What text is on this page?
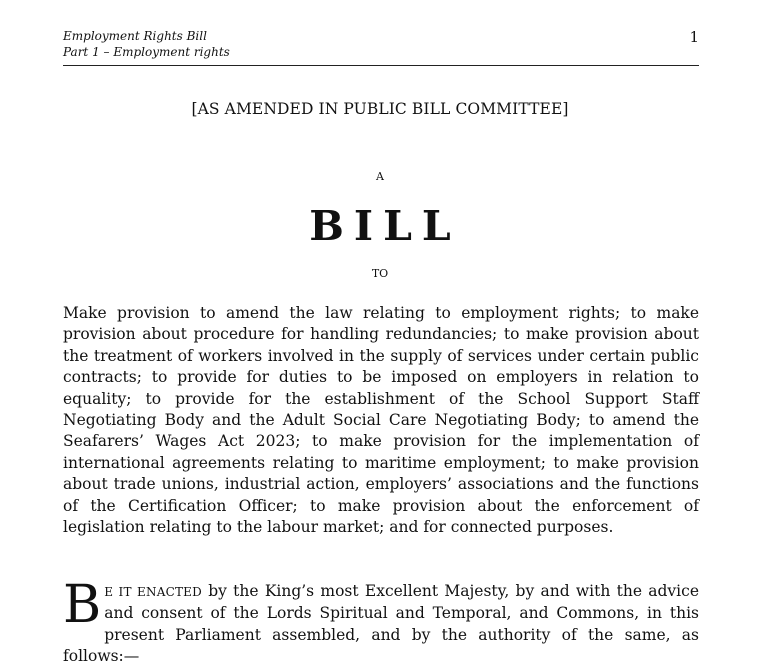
Employment Rights Bill
Part 1 – Employment rights
1
[AS AMENDED IN PUBLIC BILL COMMITTEE]
A
BILL
TO
Make provision to amend the law relating to employment rights; to make provision about procedure for handling redundancies; to make provision about the treatment of workers involved in the supply of services under certain public contracts; to provide for duties to be imposed on employers in relation to equality; to provide for the establishment of the School Support Staff Negotiating Body and the Adult Social Care Negotiating Body; to amend the Seafarers’ Wages Act 2023; to make provision for the implementation of international agreements relating to maritime employment; to make provision about trade unions, industrial action, employers’ associations and the functions of the Certification Officer; to make provision about the enforcement of legislation relating to the labour market; and for connected purposes.
B E IT ENACTED by the King’s most Excellent Majesty, by and with the advice and consent of the Lords Spiritual and Temporal, and Commons, in this present Parliament assembled, and by the authority of the same, as follows:—
